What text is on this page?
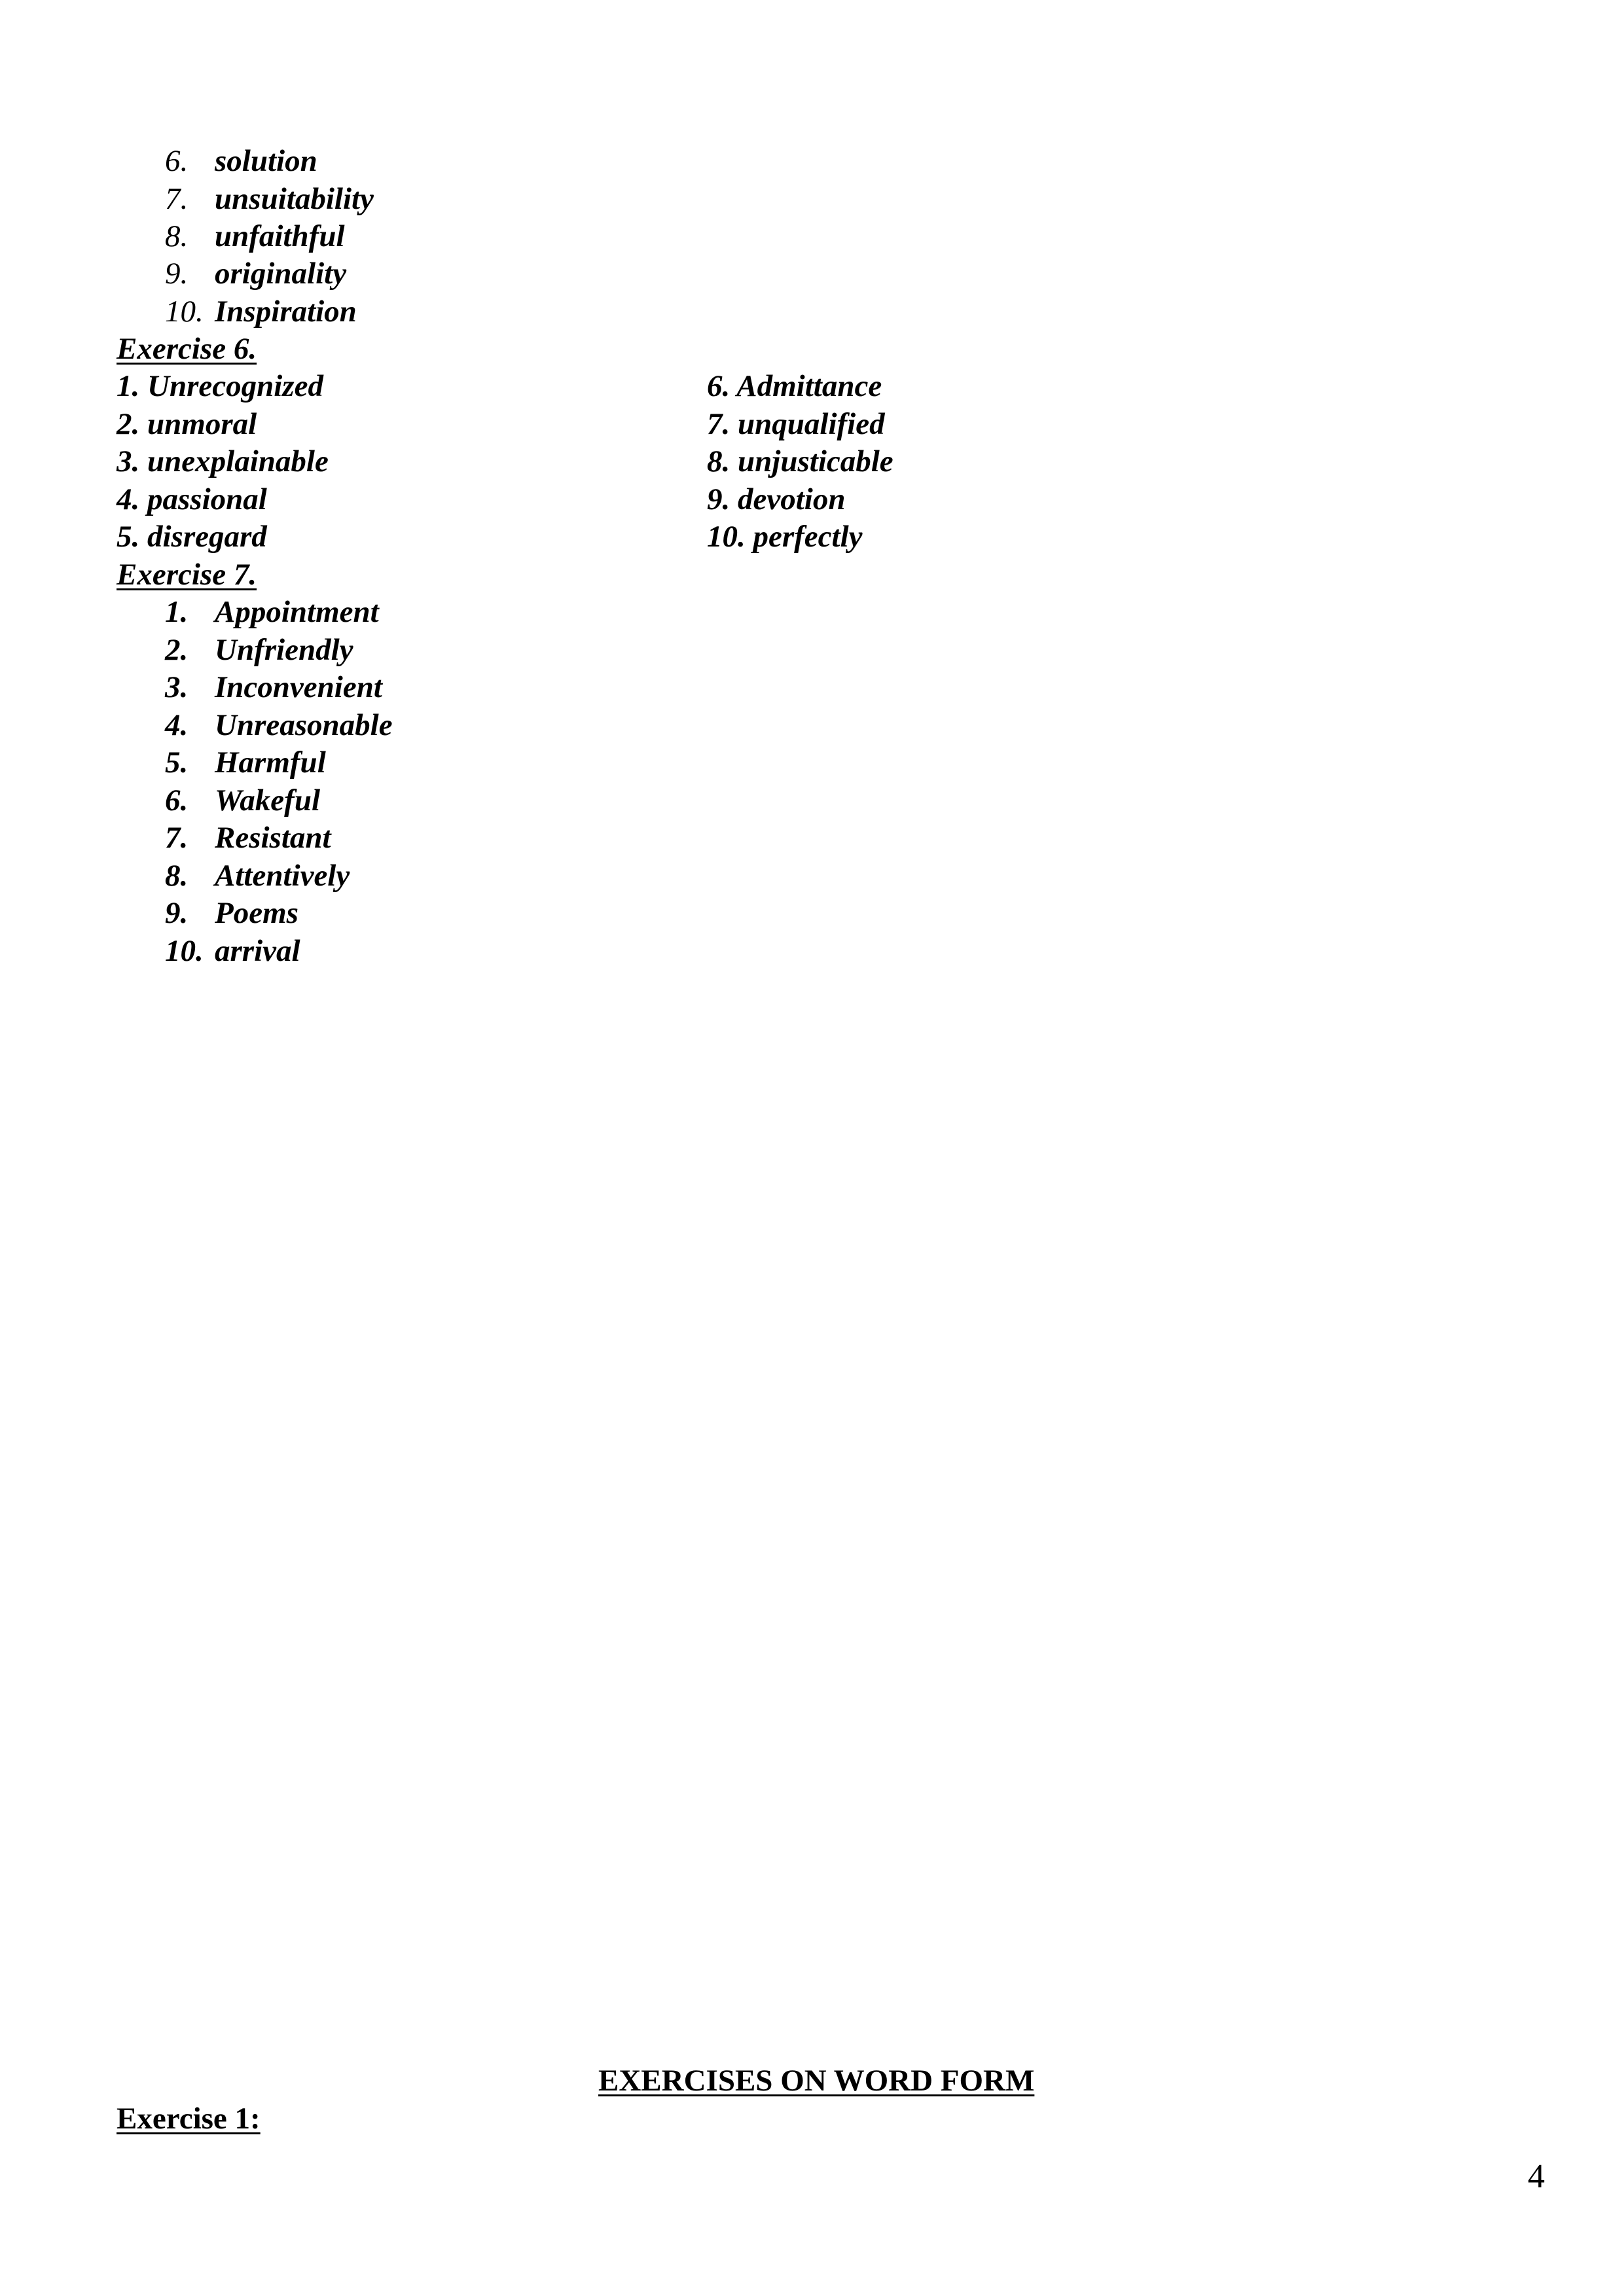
6. solution
7. unsuitability
8. unfaithful
9. originality
10. Inspiration
Exercise 6.
1. Unrecognized
2. unmoral
3. unexplainable
4. passional
5. disregard
6. Admittance
7. unqualified
8. unjusticable
9. devotion
10. perfectly
Exercise 7.
1. Appointment
2. Unfriendly
3. Inconvenient
4. Unreasonable
5. Harmful
6. Wakeful
7. Resistant
8. Attentively
9. Poems
10. arrival
EXERCISES ON WORD FORM
Exercise 1:
4
